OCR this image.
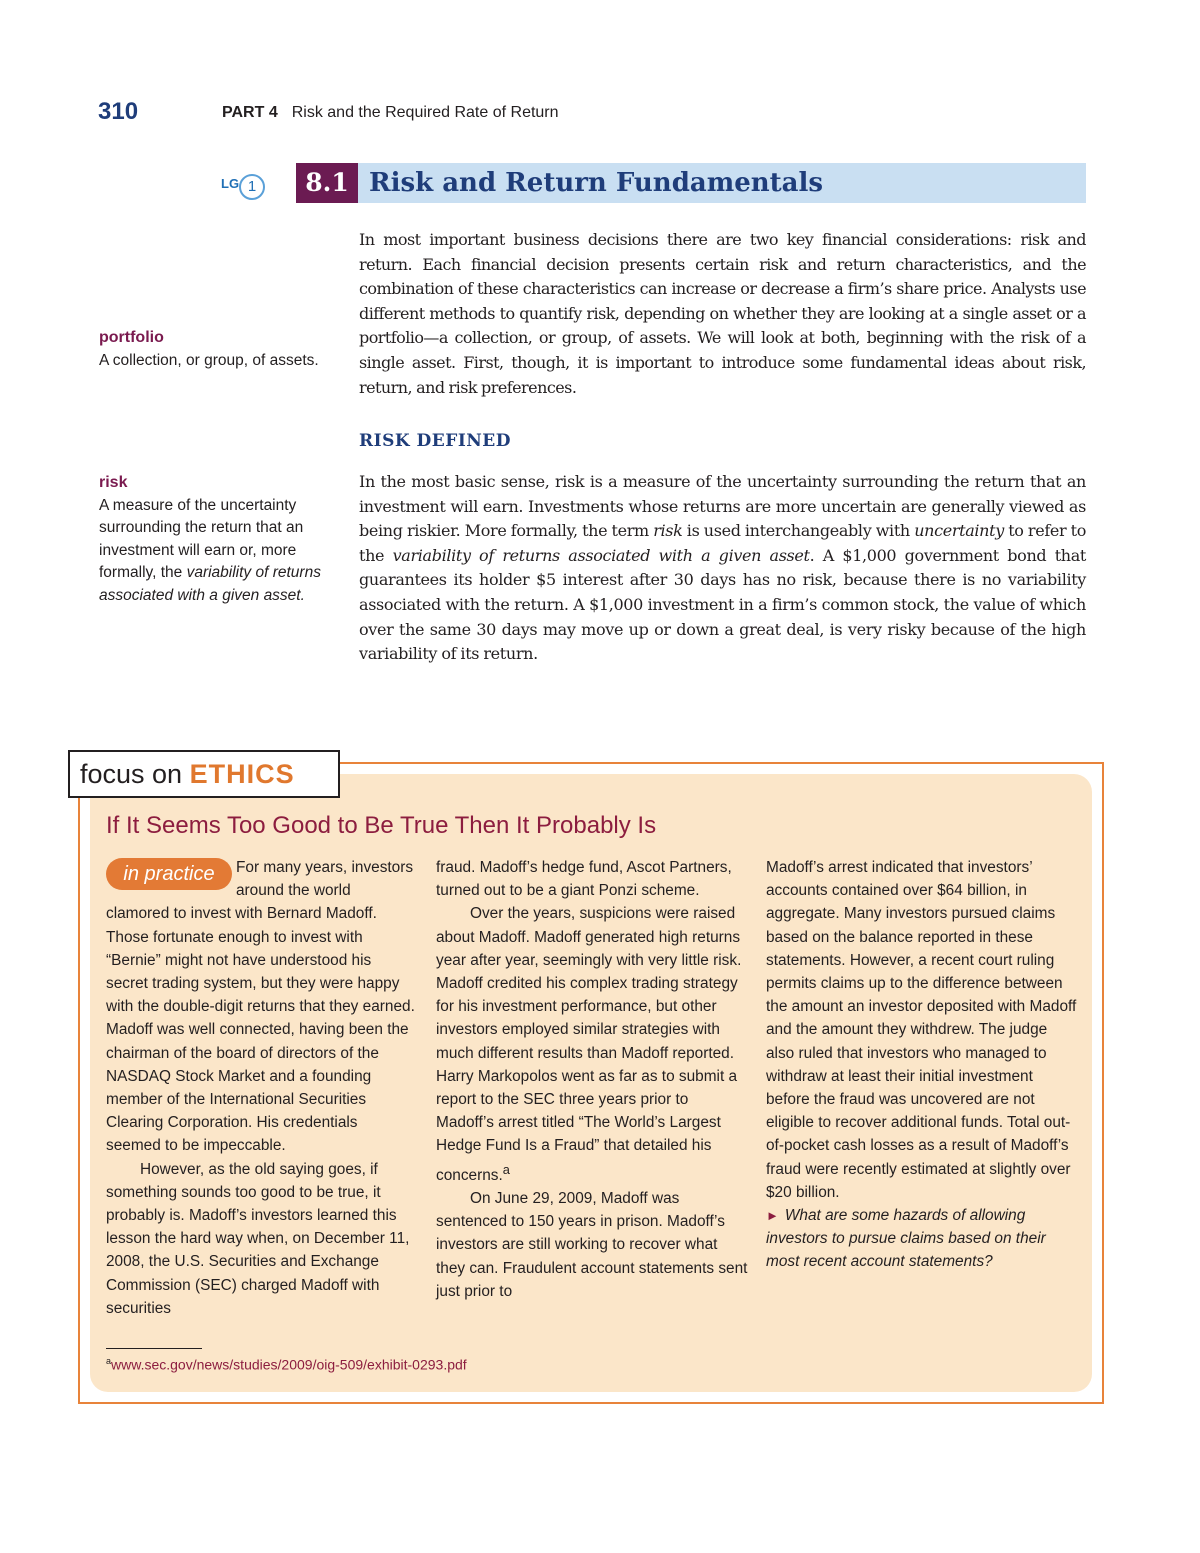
310	PART 4 Risk and the Required Rate of Return
LG 1	8.1 Risk and Return Fundamentals
portfolio
A collection, or group, of assets.
risk
A measure of the uncertainty surrounding the return that an investment will earn or, more formally, the variability of returns associated with a given asset.

In most important business decisions there are two key financial considerations: risk and return. Each financial decision presents certain risk and return characteristics, and the combination of these characteristics can increase or decrease a firm’s share price. Analysts use different methods to quantify risk, depending on whether they are looking at a single asset or a portfolio—a collection, or group, of assets. We will look at both, beginning with the risk of a single asset. First, though, it is important to introduce some fundamental ideas about risk, return, and risk preferences.

RISK DEFINED

In the most basic sense, risk is a measure of the uncertainty surrounding the return that an investment will earn. Investments whose returns are more uncertain are generally viewed as being riskier. More formally, the term risk is used interchangeably with uncertainty to refer to the variability of returns associated with a given asset. A $1,000 government bond that guarantees its holder $5 interest after 30 days has no risk, because there is no variability associated with the return. A $1,000 investment in a firm’s common stock, the value of which over the same 30 days may move up or down a great deal, is very risky because of the high variability of its return.

focus on ETHICS
If It Seems Too Good to Be True Then It Probably Is
in practice	For many years, investors around the world clamored to invest with Bernard Madoff. Those fortunate enough to invest with “Bernie” might not have understood his secret trading system, but they were happy with the double-digit returns that they earned. Madoff was well connected, having been the chairman of the board of directors of the NASDAQ Stock Market and a founding member of the International Securities Clearing Corporation. His credentials seemed to be impeccable.

However, as the old saying goes, if something sounds too good to be true, it probably is. Madoff’s investors learned this lesson the hard way when, on December 11, 2008, the U.S. Securities and Exchange Commission (SEC) charged Madoff with securities

fraud. Madoff’s hedge fund, Ascot Partners, turned out to be a giant Ponzi scheme.

Over the years, suspicions were raised about Madoff. Madoff generated high returns year after year, seemingly with very little risk. Madoff credited his complex trading strategy for his investment performance, but other investors employed similar strategies with much different results than Madoff reported. Harry Markopolos went as far as to submit a report to the SEC three years prior to Madoff’s arrest titled “The World’s Largest Hedge Fund Is a Fraud” that detailed his concerns.$^a$

On June 29, 2009, Madoff was sentenced to 150 years in prison. Madoff’s investors are still working to recover what they can. Fraudulent account statements sent just prior to

Madoff’s arrest indicated that investors’ accounts contained over $64 billion, in aggregate. Many investors pursued claims based on the balance reported in these statements. However, a recent court ruling permits claims up to the difference between the amount an investor deposited with Madoff and the amount they withdrew. The judge also ruled that investors who managed to withdraw at least their initial investment before the fraud was uncovered are not eligible to recover additional funds. Total out-of-pocket cash losses as a result of Madoff’s fraud were recently estimated at slightly over $20 billion.

► What are some hazards of allowing investors to pursue claims based on their most recent account statements?

$^a$www.sec.gov/news/studies/2009/oig-509/exhibit-0293.pdf
